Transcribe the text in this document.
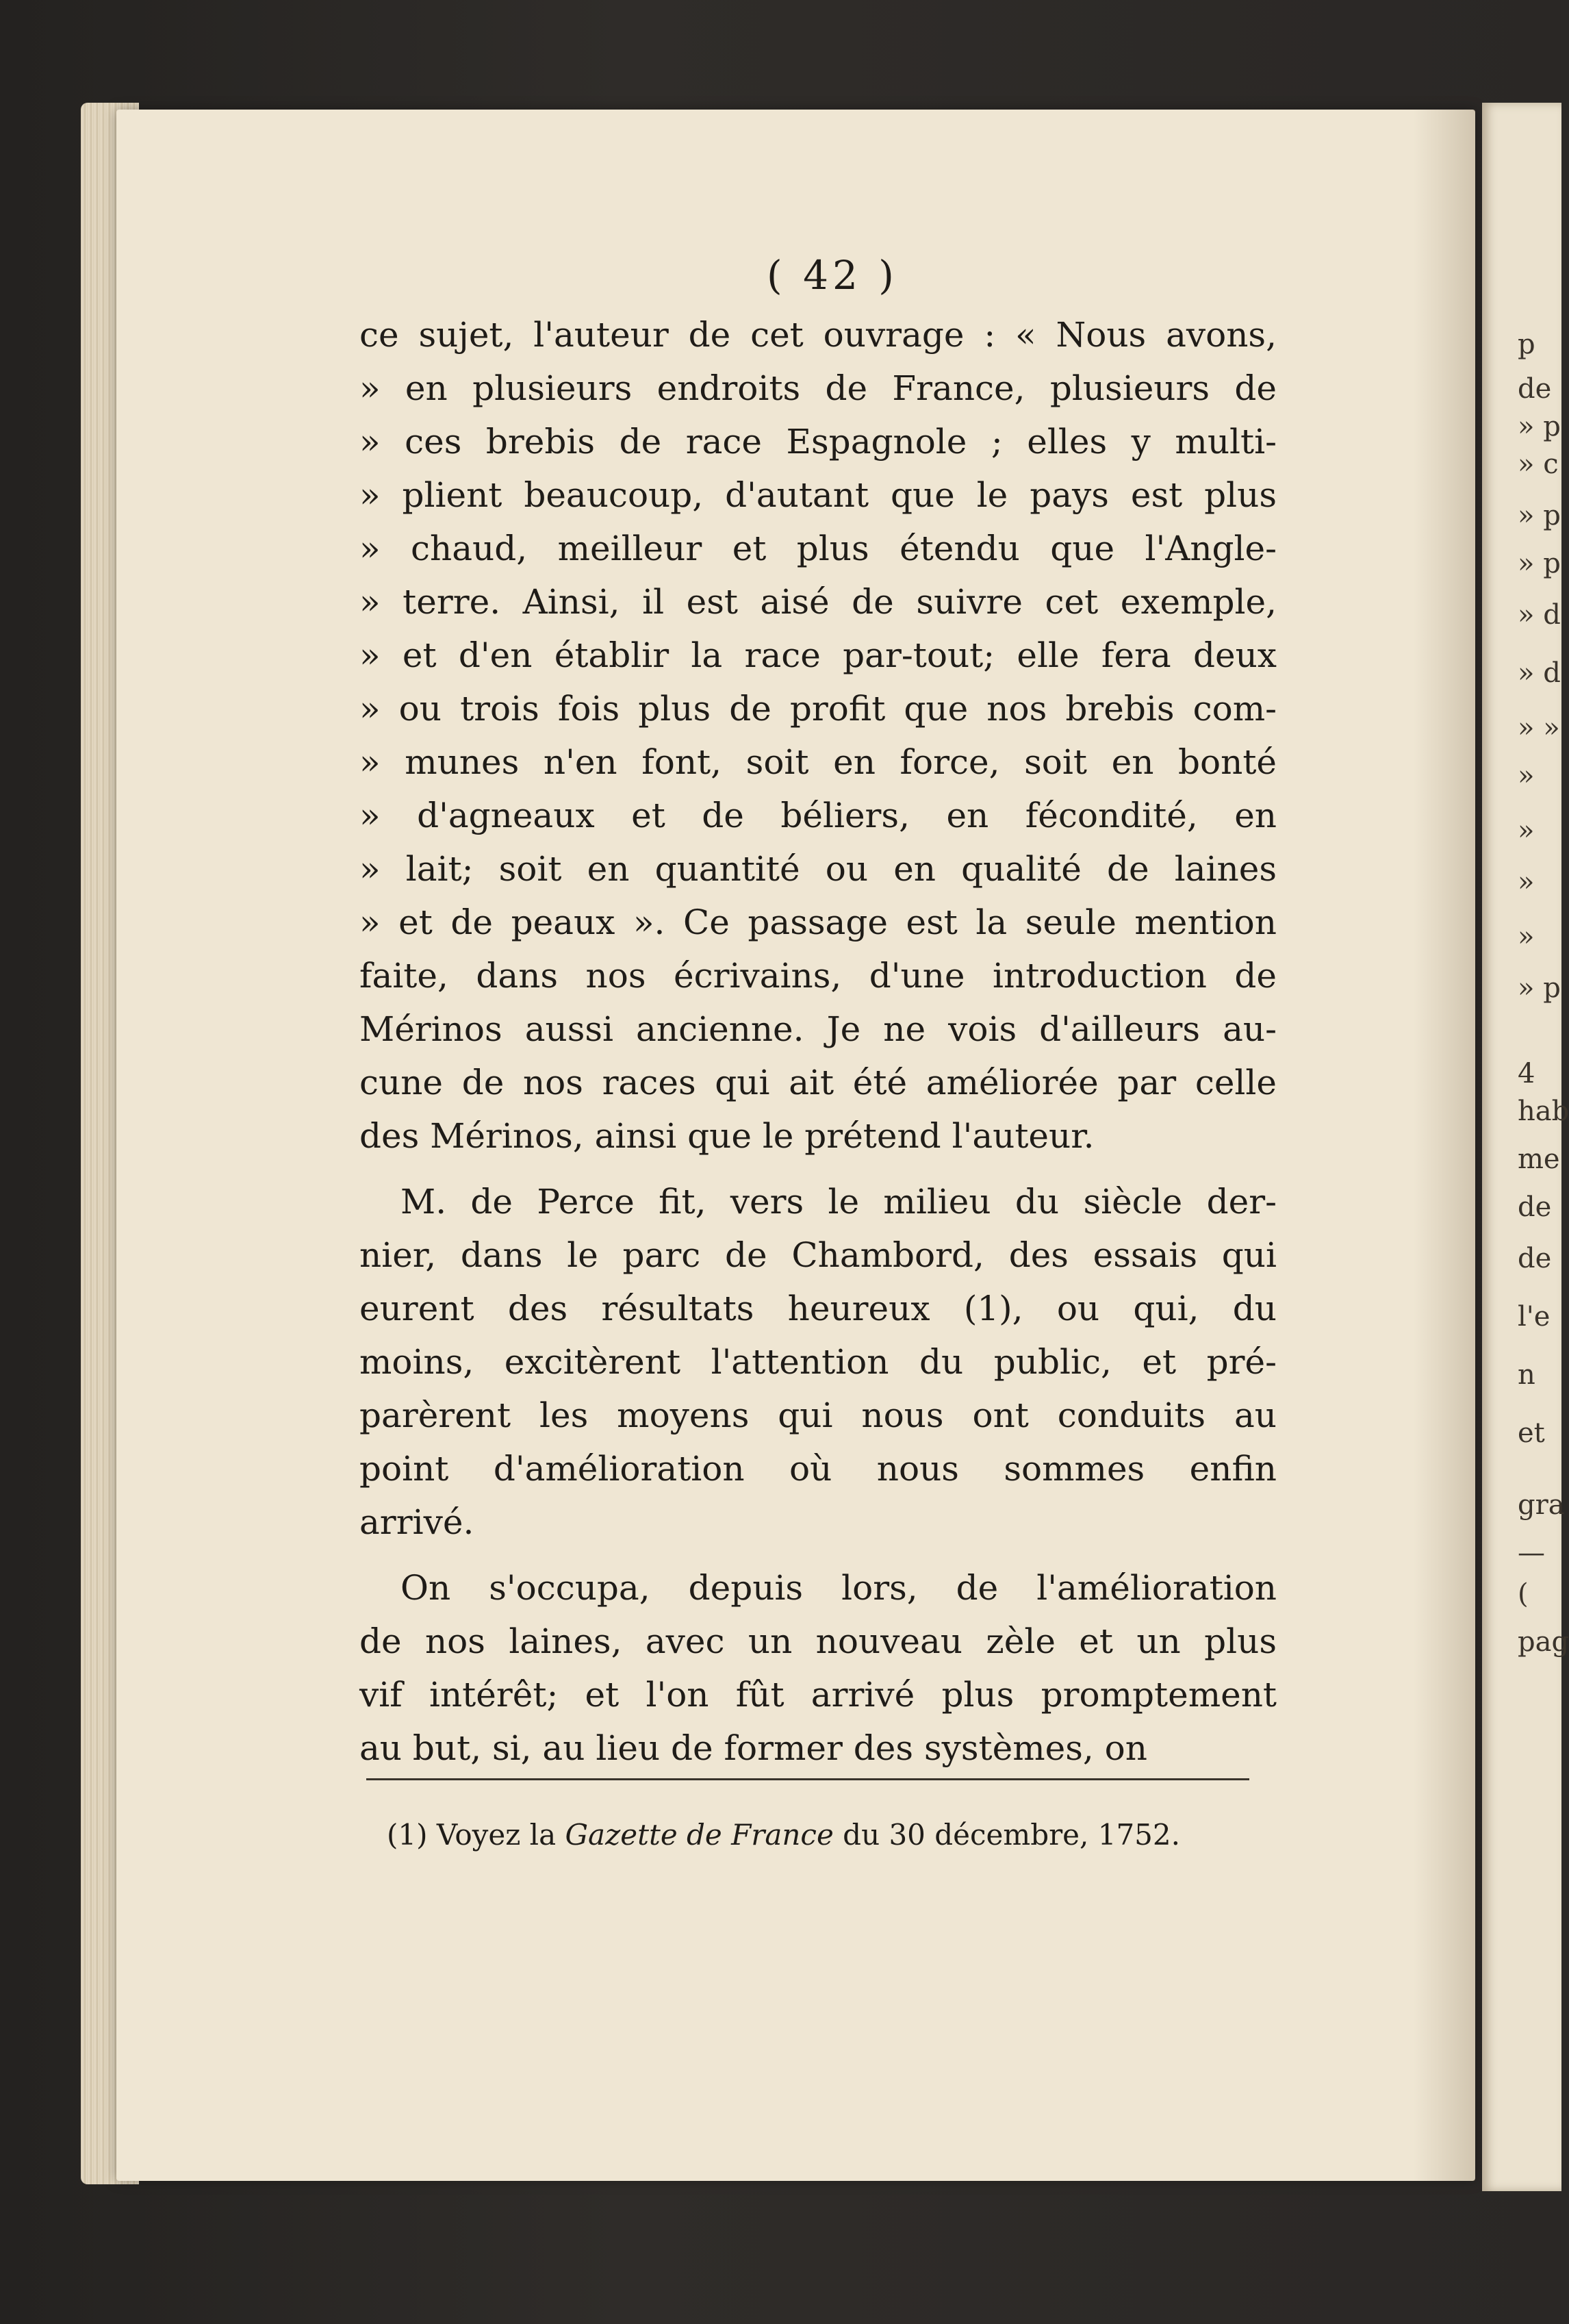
p
de
» p
» c
» p
» p
» d
» d
» »
»
»
»
»
» p
4
hab
me
de
de
l'e
n
et
gra
—
(
pag
( 42 )
ce sujet, l'auteur de cet ouvrage : « Nous avons,
» en plusieurs endroits de France, plusieurs de
» ces brebis de race Espagnole ; elles y multi-
» plient beaucoup, d'autant que le pays est plus
» chaud, meilleur et plus étendu que l'Angle-
» terre. Ainsi, il est aisé de suivre cet exemple,
» et d'en établir la race par-tout; elle fera deux
» ou trois fois plus de profit que nos brebis com-
» munes n'en font, soit en force, soit en bonté
» d'agneaux et de béliers, en fécondité, en
» lait; soit en quantité ou en qualité de laines
» et de peaux ». Ce passage est la seule mention
faite, dans nos écrivains, d'une introduction de
Mérinos aussi ancienne. Je ne vois d'ailleurs au-
cune de nos races qui ait été améliorée par celle
des Mérinos, ainsi que le prétend l'auteur.
M. de Perce fit, vers le milieu du siècle der-
nier, dans le parc de Chambord, des essais qui
eurent des résultats heureux (1), ou qui, du
moins, excitèrent l'attention du public, et pré-
parèrent les moyens qui nous ont conduits au
point d'amélioration où nous sommes enfin
arrivé.
On s'occupa, depuis lors, de l'amélioration
de nos laines, avec un nouveau zèle et un plus
vif intérêt; et l'on fût arrivé plus promptement
au but, si, au lieu de former des systèmes, on
(1) Voyez la Gazette de France du 30 décembre, 1752.
